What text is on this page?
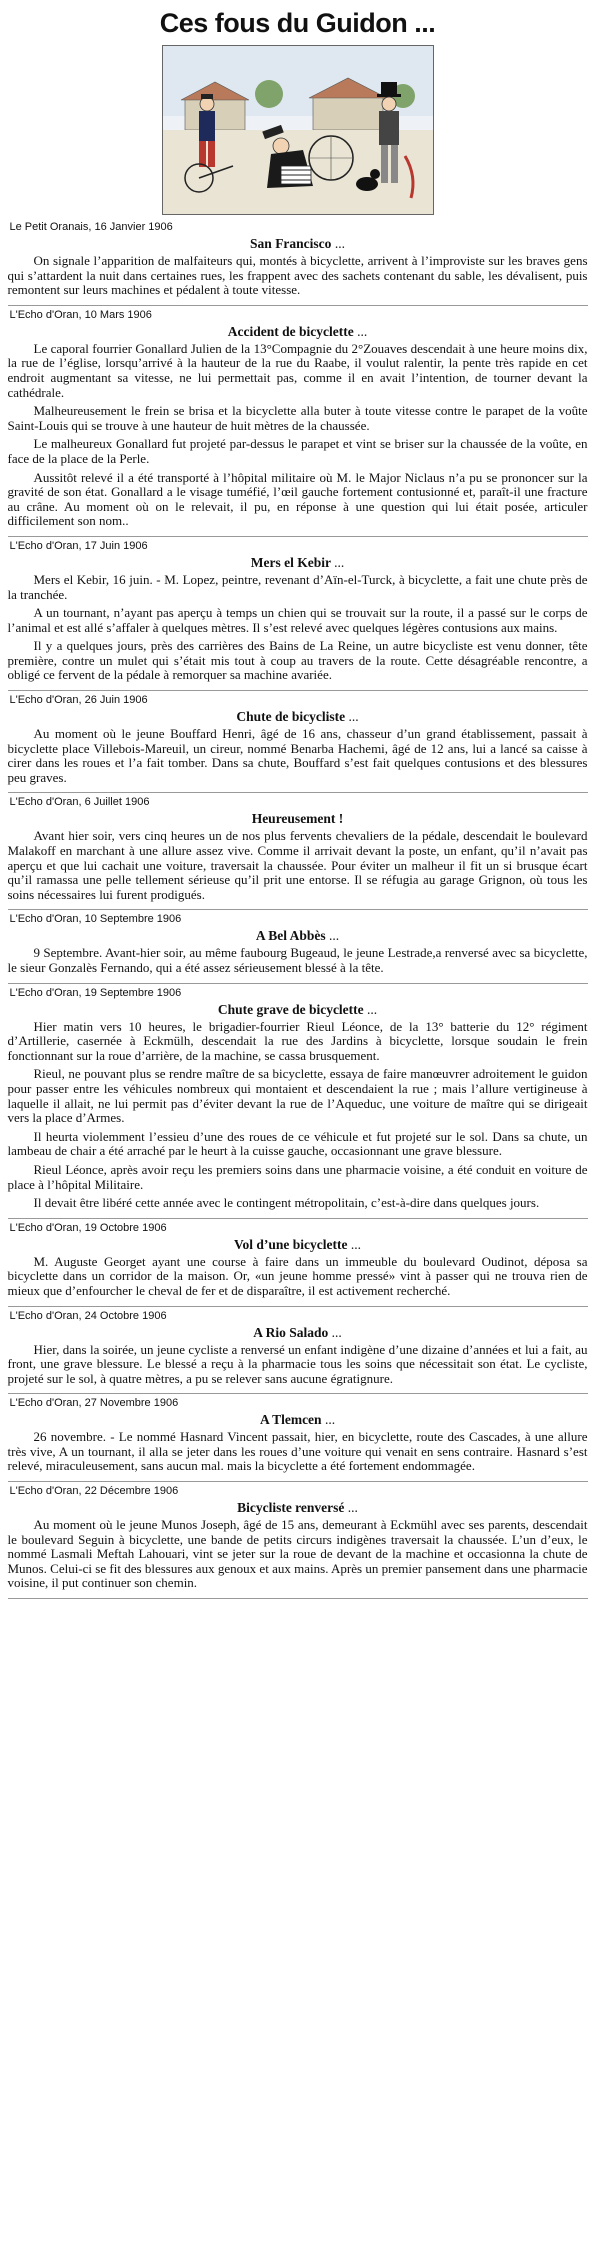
Ces fous du Guidon ...
Le Petit Oranais, 16 Janvier 1906
San Francisco ...

On signale l’apparition de malfaiteurs qui, montés à bicyclette, arrivent à l’improviste sur les braves gens qui s’attardent la nuit dans certaines rues, les frappent avec des sachets contenant du sable, les dévalisent, puis remontent sur leurs machines et pédalent à toute vitesse.

L'Echo d'Oran, 10 Mars 1906
Accident de bicyclette ...

Le caporal fourrier Gonallard Julien de la 13°Compagnie du 2°Zouaves descendait à une heure moins dix, la rue de l’église, lorsqu’arrivé à la hauteur de la rue du Raabe, il voulut ralentir, la pente très rapide en cet endroit augmentant sa vitesse, ne lui permettait pas, comme il en avait l’intention, de tourner devant la cathédrale.

Malheureusement le frein se brisa et la bicyclette alla buter à toute vitesse contre le parapet de la voûte Saint-Louis qui se trouve à une hauteur de huit mètres de la chaussée.

Le malheureux Gonallard fut projeté par-dessus le parapet et vint se briser sur la chaussée de la voûte, en face de la place de la Perle.

Aussitôt relevé il a été transporté à l’hôpital militaire où M. le Major Niclaus n’a pu se prononcer sur la gravité de son état. Gonallard a le visage tuméfié, l’œil gauche fortement contusionné et, paraît-il une fracture au crâne. Au moment où on le relevait, il pu, en réponse à une question qui lui était posée, articuler difficilement son nom..

L'Echo d'Oran, 17 Juin 1906
Mers el Kebir ...

Mers el Kebir, 16 juin. - M. Lopez, peintre, revenant d’Aïn-el-Turck, à bicyclette, a fait une chute près de la tranchée.

A un tournant, n’ayant pas aperçu à temps un chien qui se trouvait sur la route, il a passé sur le corps de l’animal et est allé s’affaler à quelques mètres. Il s’est relevé avec quelques légères contusions aux mains.

Il y a quelques jours, près des carrières des Bains de La Reine, un autre bicycliste est venu donner, tête première, contre un mulet qui s’était mis tout à coup au travers de la route. Cette désagréable rencontre, a obligé ce fervent de la pédale à remorquer sa machine avariée.

L'Echo d'Oran, 26 Juin 1906
Chute de bicycliste ...

Au moment où le jeune Bouffard Henri, âgé de 16 ans, chasseur d’un grand établissement, passait à bicyclette place Villebois-Mareuil, un cireur, nommé Benarba Hachemi, âgé de 12 ans, lui a lancé sa caisse à cirer dans les roues et l’a fait tomber. Dans sa chute, Bouffard s’est fait quelques contusions et des blessures peu graves.

L'Echo d'Oran, 6 Juillet 1906
Heureusement !

Avant hier soir, vers cinq heures un de nos plus fervents chevaliers de la pédale, descendait le boulevard Malakoff en marchant à une allure assez vive. Comme il arrivait devant la poste, un enfant, qu’il n’avait pas aperçu et que lui cachait une voiture, traversait la chaussée. Pour éviter un malheur il fit un si brusque écart qu’il ramassa une pelle tellement sérieuse qu’il prit une entorse. Il se réfugia au garage Grignon, où tous les soins nécessaires lui furent prodigués.

L'Echo d'Oran, 10 Septembre 1906
A Bel Abbès ...

9 Septembre. Avant-hier soir, au même faubourg Bugeaud, le jeune Lestrade,a renversé avec sa bicyclette, le sieur Gonzalès Fernando, qui a été assez sérieusement blessé à la tête.

L'Echo d'Oran, 19 Septembre 1906
Chute grave de bicyclette ...

Hier matin vers 10 heures, le brigadier-fourrier Rieul Léonce, de la 13° batterie du 12° régiment d’Artillerie, casernée à Eckmülh, descendait la rue des Jardins à bicyclette, lorsque soudain le frein fonctionnant sur la roue d’arrière, de la machine, se cassa brusquement.

Rieul, ne pouvant plus se rendre maître de sa bicyclette, essaya de faire manœuvrer adroitement le guidon pour passer entre les véhicules nombreux qui montaient et descendaient la rue ; mais l’allure vertigineuse à laquelle il allait, ne lui permit pas d’éviter devant la rue de l’Aqueduc, une voiture de maître qui se dirigeait vers la place d’Armes.

Il heurta violemment l’essieu d’une des roues de ce véhicule et fut projeté sur le sol. Dans sa chute, un lambeau de chair a été arraché par le heurt à la cuisse gauche, occasionnant une grave blessure.

Rieul Léonce, après avoir reçu les premiers soins dans une pharmacie voisine, a été conduit en voiture de place à l’hôpital Militaire.

Il devait être libéré cette année avec le contingent métropolitain, c’est-à-dire dans quelques jours.

L'Echo d'Oran, 19 Octobre 1906
Vol d’une bicyclette ...

M. Auguste Georget ayant une course à faire dans un immeuble du boulevard Oudinot, déposa sa bicyclette dans un corridor de la maison. Or, «un jeune homme pressé» vint à passer qui ne trouva rien de mieux que d’enfourcher le cheval de fer et de disparaître, il est activement recherché.

L'Echo d'Oran, 24 Octobre 1906
A Rio Salado ...

Hier, dans la soirée, un jeune cycliste a renversé un enfant indigène d’une dizaine d’années et lui a fait, au front, une grave blessure. Le blessé a reçu à la pharmacie tous les soins que nécessitait son état. Le cycliste, projeté sur le sol, à quatre mètres, a pu se relever sans aucune égratignure.

L'Echo d'Oran, 27 Novembre 1906
A Tlemcen ...

26 novembre. - Le nommé Hasnard Vincent passait, hier, en bicyclette, route des Cascades, à une allure très vive, A un tournant, il alla se jeter dans les roues d’une voiture qui venait en sens contraire. Hasnard s’est relevé, miraculeusement, sans aucun mal. mais la bicyclette a été fortement endommagée.

L'Echo d'Oran, 22 Décembre 1906
Bicycliste renversé ...

Au moment où le jeune Munos Joseph, âgé de 15 ans, demeurant à Eckmühl avec ses parents, descendait le boulevard Seguin à bicyclette, une bande de petits circurs indigènes traversait la chaussée. L’un d’eux, le nommé Lasmali Meftah Lahouari, vint se jeter sur la roue de devant de la machine et occasionna la chute de Munos. Celui-ci se fit des blessures aux genoux et aux mains. Après un premier pansement dans une pharmacie voisine, il put continuer son chemin.
